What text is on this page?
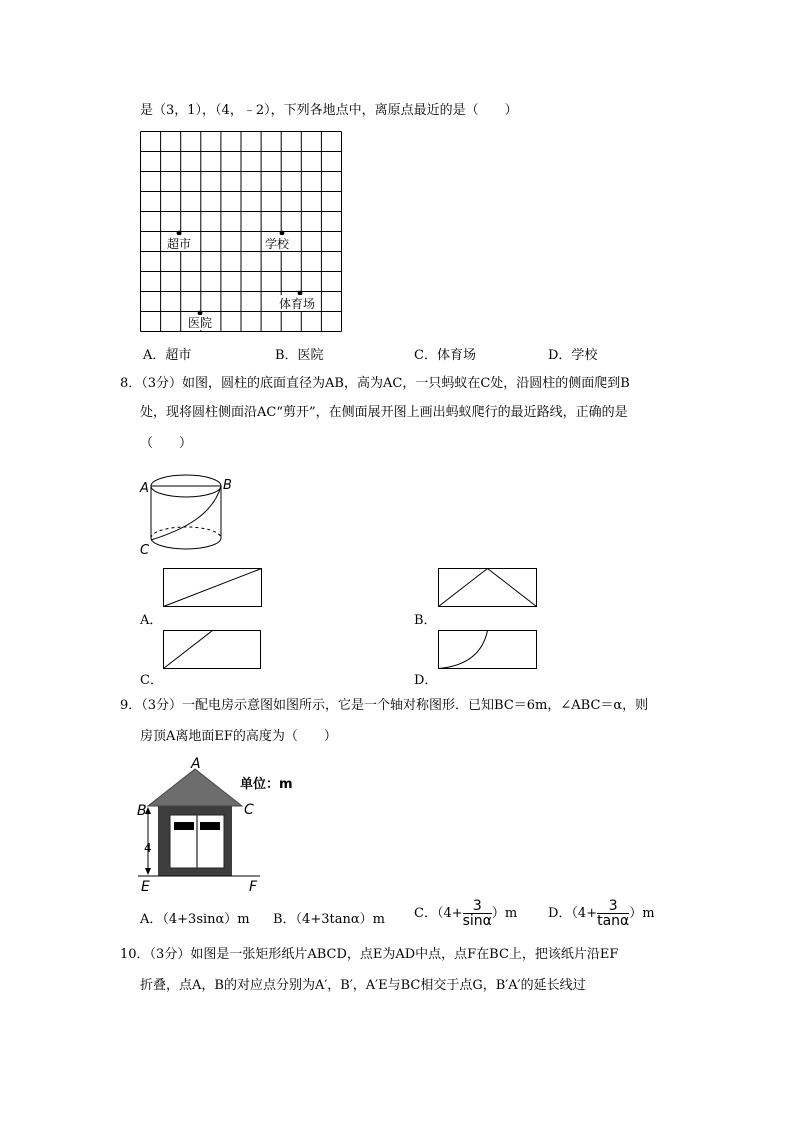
是（3，1），（4，﹣2），下列各地点中，离原点最近的是（　　）
超市	学校
体育场
医院
A．超市	B．医院	C．体育场	D．学校
8．（3分）如图，圆柱的底面直径为AB，高为AC，一只蚂蚁在C处，沿圆柱的侧面爬到B
处，现将圆柱侧面沿AC“剪开”，在侧面展开图上画出蚂蚁爬行的最近路线，正确的是
（　　）
A	B
C
A．	B．
C．	D．
9．（3分）一配电房示意图如图所示，它是一个轴对称图形．已知BC＝6m，∠ABC＝α，则
房顶A离地面EF的高度为（　　）
A
B	C
4
E	F
单位：m
A．（4+3sinα）m B．（4+3tanα）m C．$(4+ \frac{3}{\sin\alpha} )m$ D．$(4+ \frac{3}{\tan\alpha} )m$
10．（3分）如图是一张矩形纸片ABCD，点E为AD中点，点F在BC上，把该纸片沿EF
折叠，点A，B的对应点分别为A′，B′，A′E与BC相交于点G，B′A′的延长线过
